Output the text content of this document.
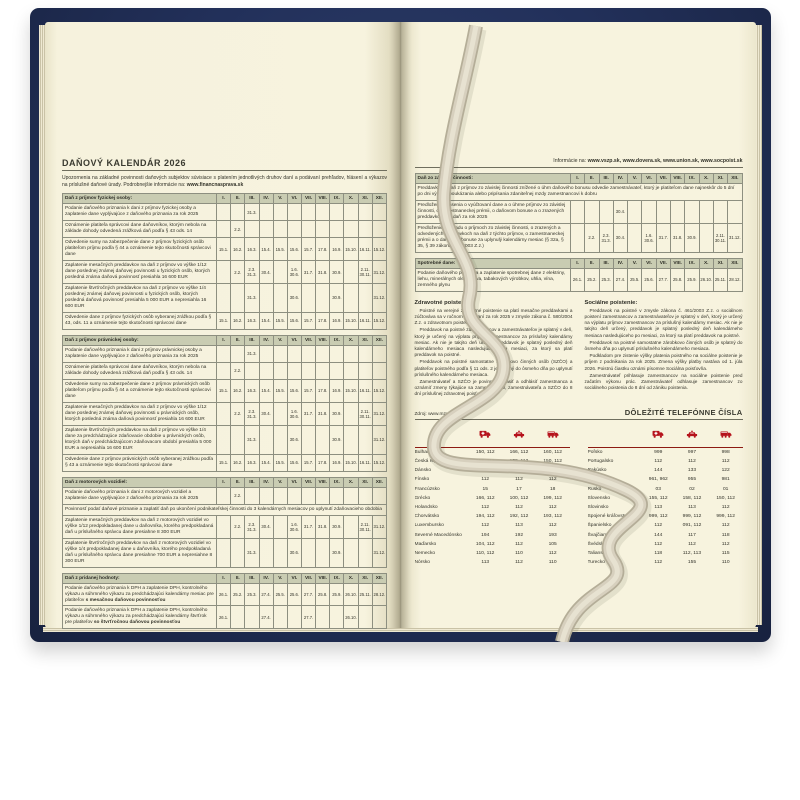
DAŇOVÝ KALENDÁR 2026

Upozornenia na základné povinnosti daňových subjektov súvisiace s platením jednotlivých druhov daní a podávaní prehľadov, hlásení a výkazov na príslušné daňové úrady. Podrobnejšie informácie na: www.financnasprava.sk

Daň z príjmov fyzickej osoby:	I.	II.	III.	IV.	V.	VI.	VII.	VIII.	IX.	X.	XI.	XII.
Podanie daňového priznania k dani z príjmov fyzickej osoby a zaplatenie dane vyplývajúce z daňového priznania za rok 2025			31.3.									
Oznámenie platiteľa správcovi dane daňovníkov, ktorým nebola na základe dohody odvedená zrážková daň podľa § 43 ods. 14		2.2.										
Odvedenie sumy na zabezpečenie dane z príjmov fyzických osôb platiteľom príjmu podľa § 44 a oznámenie tejto skutočnosti správcovi dane	15.1.	16.2.	16.3.	15.4.	15.5.	15.6.	15.7.	17.8.	16.9.	15.10.	16.11.	15.12.
Zaplatenie mesačných preddavkov na daň z príjmov vo výške 1/12 dane poslednej známej daňovej povinnosti u fyzických osôb, ktorých posledná známa daňová povinnosť presiahla 16 600 EUR		2.2.	2.3.
31.3.	30.4.		1.6.
30.6.	31.7.	31.8.	30.9.		2.11.
30.11.	31.12.
Zaplatenie štvrťročných preddavkov na daň z príjmov vo výške 1/4 poslednej známej daňovej povinnosti u fyzických osôb, ktorých posledná daňová povinnosť presiahla 5 000 EUR a nepresiahla 16 600 EUR			31.3.			30.6.			30.9.			31.12.
Odvedenie dane z príjmov fyzických osôb vyberanej zrážkou podľa § 43, ods. 11 a oznámenie tejto skutočnosti správcovi dane	15.1.	16.2.	16.3.	15.4.	15.5.	15.6.	15.7.	17.8.	16.9.	15.10.	16.11.	15.12.
Daň z príjmov právnickej osoby:	I.	II.	III.	IV.	V.	VI.	VII.	VIII.	IX.	X.	XI.	XII.
Podanie daňového priznania k dani z príjmov právnickej osoby a zaplatenie dane vyplývajúce z daňového priznania za rok 2025			31.3.									
Oznámenie platiteľa správcovi dane daňovníkov, ktorým nebola na základe dohody odvedená zrážková daň podľa § 43 ods. 14		2.2.										
Odvedenie sumy na zabezpečenie dane z príjmov právnických osôb platiteľom príjmu podľa § 44 a oznámenie tejto skutočnosti správcovi dane	15.1.	16.2.	16.3.	15.4.	15.5.	15.6.	15.7.	17.8.	16.9.	15.10.	16.11.	15.12.
Zaplatenie mesačných preddavkov na daň z príjmov vo výške 1/12 dane poslednej známej daňovej povinnosti u právnických osôb, ktorých posledná známa daňová povinnosť presiahla 16 600 EUR		2.2.	2.3.
31.3.	30.4.		1.6.
30.6.	31.7.	31.8.	30.9.		2.11.
30.11.	31.12.
Zaplatenie štvrťročných preddavkov na daň z príjmov vo výške 1/4 dane za predchádzajúce zdaňovacie obdobie u právnických osôb, ktorých daň v predchádzajúcom zdaňovacom období presiahla 5 000 EUR a nepresiahla 16 600 EUR			31.3.			30.6.			30.9.			31.12.
Odvedenie dane z príjmov právnických osôb vyberanej zrážkou podľa § 43 a oznámenie tejto skutočnosti správcovi dane	15.1.	16.2.	16.3.	15.4.	15.5.	15.6.	15.7.	17.8.	16.9.	15.10.	16.11.	15.12.
Daň z motorových vozidiel:	I.	II.	III.	IV.	V.	VI.	VII.	VIII.	IX.	X.	XI.	XII.
Podanie daňového priznania k dani z motorových vozidiel a zaplatenie dane vyplývajúce z daňového priznania za rok 2025		2.2.										
Povinnosť podať daňové priznanie a zaplatiť daň po ukončení podnikateľskej činnosti do 3 kalendárnych mesiacov po uplynutí zdaňovacieho obdobia												
Zaplatenie mesačných preddavkov na daň z motorových vozidiel vo výške 1/12 predpokladanej dane u daňovníka, ktorého predpokladaná daň u príslušného správcu dane presiahne 8 300 EUR		2.2.	2.3.
31.3.	30.4.		1.6.
30.6.	31.7.	31.8.	30.9.		2.11.
30.11.	31.12.
Zaplatenie štvrťročných preddavkov na daň z motorových vozidiel vo výške 1/4 predpokladanej dane u daňovníka, ktorého predpokladaná daň u príslušného správcu dane presiahne 700 EUR a nepresiahne 8 300 EUR			31.3.			30.6.			30.9.			31.12.
Daň z pridanej hodnoty:	I.	II.	III.	IV.	V.	VI.	VII.	VIII.	IX.	X.	XI.	XII.
Podanie daňového priznania k DPH a zaplatenie DPH, kontrolného výkazu a súhrnného výkazu za predchádzajúci kalendárny mesiac pre platiteľov s mesačnou daňovou povinnosťou	26.1.	25.2.	25.3.	27.4.	25.5.	25.6.	27.7.	25.8.	25.9.	26.10.	25.11.	28.12.
Podanie daňového priznania k DPH a zaplatenie DPH, kontrolného výkazu a súhrnného výkazu za predchádzajúci kalendárny štvrťrok pre platiteľov so štvrťročnou daňovou povinnosťou	26.1.			27.4.			27.7.			26.10.		

Informácie na: www.vszp.sk, www.dovera.sk, www.union.sk, www.socpoist.sk

Daň zo závislej činnosti:	I.	II.	III.	IV.	V.	VI.	VII.	VIII.	IX.	X.	XI.	XII.
Preddavky na daň z príjmov zo závislej činnosti znížené o úhrn daňového bonusu odvedie zamestnávateľ, ktorý je platiteľom dane najneskôr do 5 dní po dni výplaty, poukázania alebo pripísania zdaniteľnej mzdy zamestnancovi k dobru												
Predloženie Hlásenia o vyúčtovaní dane a o úhrne príjmov zo závislej činnosti, o zamestnaneckej prémii, o daňovom bonuse a o zrazených preddavkoch na daň za rok 2025				30.4.								
Predloženie prehľadu o príjmoch zo závislej činnosti, o zrazených a odvedených preddavkoch na daň z týchto príjmov, o zamestnaneckej prémii a o daňovom bonuse za uplynulý kalendárny mesiac (§ 32a, § 35, § 39 zákona 595/2003 Z.z.)		2.2.	2.3.
31.3.	30.4.		1.6.
30.6.	31.7.	31.8.	30.9.		2.11.
30.11.	31.12.
Spotrebné dane:	I.	II.	III.	IV.	V.	VI.	VII.	VIII.	IX.	X.	XI.	XII.
Podanie daňového priznania a zaplatenie spotrebnej dane z elektriny, liehu, minerálnych olejov, piva, tabakových výrobkov, uhlia, vína, zemného plynu	26.1.	25.2.	25.3.	27.4.	25.5.	25.6.	27.7.	25.8.	25.9.	26.10.	25.11.	28.12.
Zdravotné poistenie:

Poistné na verejné zdravotné poistenie sa platí mesačne preddavkami a zúčtováva sa v ročnom zúčtovaní za rok 2025 v zmysle zákona č. 580/2004 Z.z. o zdravotnom poistení.

Preddavok na poistné zamestnancov a zamestnávateľov je splatný v deň, ktorý je určený na výplatu príjmov zamestnancov za príslušný kalendárny mesiac. Ak nie je takýto deň určený, preddavok je splatný posledný deň kalendárneho mesiaca nasledujúceho po mesiaci, za ktorý sa platí preddavok na poistné.

Preddavok na poistné samostatne zárobkovo činných osôb (SZČO) a platiteľov poistného podľa § 11 ods. 2 je splatný do ôsmeho dňa po uplynutí príslušného kalendárneho mesiaca.

Zamestnávateľ a SZČO je povinný prihlásiť a odhlásiť zamestnanca a oznámiť zmeny týkajúce sa zamestnancov, zamestnávateľa a SZČO do 8 dní príslušnej zdravotnej poisťovni.

Sociálne poistenie:

Preddavok na poistné v zmysle zákona č. 461/2003 Z.z. o sociálnom poistení zamestnancov a zamestnávateľov je splatný v deň, ktorý je určený na výplatu príjmov zamestnancov za príslušný kalendárny mesiac. Ak nie je takýto deň určený, preddavok je splatný posledný deň kalendárneho mesiaca nasledujúceho po mesiaci, za ktorý sa platí preddavok na poistné.

Preddavok na poistné samostatne zárobkovo činných osôb je splatný do ôsmeho dňa po uplynutí príslušného kalendárneho mesiaca.

Podkladom pre zistenie výšky platenia poistného na sociálne poistenie je príjem z podnikania za rok 2025. Zmena výšky platby nastáva od 1. júla 2026. Poistnú čiastku oznámi písomne Sociálna poisťovňa.

Zamestnávateľ prihlasuje zamestnancov na sociálne poistenie pred začatím výkonu prác. Zamestnávateľ odhlasuje zamestnancov zo sociálneho poistenia do 8 dní od zániku poistenia.

Zdroj: www.mzv.sk	DÔLEŽITÉ TELEFÓNNE ČÍSLA
Bulharsko	150, 112	166, 112	160, 112
Česká republika	155, 112	158, 112	150, 112
Dánsko	112	112	112
Fínsko	112	112	112
Francúzsko	15	17	18
Grécko	166, 112	100, 112	199, 112
Holandsko	112	112	112
Chorvátsko	194, 112	192, 112	193, 112
Luxembursko	112	113	112
Severné Macedónsko	194	192	193
Maďarsko	104, 112	112	105
Nemecko	110, 112	110	112
Nórsko	113	112	110
Poľsko	999	997	998
Portugalsko	112	112	112
Rakúsko	144	133	122
Rumunsko	961, 962	955	981
Rusko	03	02	01
Slovensko	155, 112	158, 112	150, 112
Slovinsko	113	113	112
Spojené kráľovstvo	999, 112	999, 112	999, 112
Španielsko	112	091, 112	112
Švajčiarsko	144	117	118
Švédsko	112	112	112
Taliansko	118	112, 113	115
Turecko	112	155	110
